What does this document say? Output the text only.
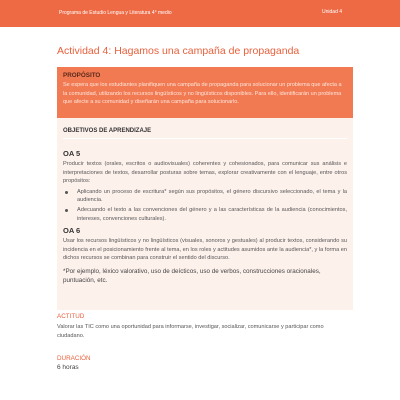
Programa de Estudio Lengua y Literatura 4° medio	Unidad 4
Actividad 4: Hagamos una campaña de propaganda
PROPÓSITO
Se espera que los estudiantes planifiquen una campaña de propaganda para solucionar un problema que afecta a la comunidad, utilizando los recursos lingüísticos y no lingüísticos disponibles. Para ello, identificarán un problema que afecte a su comunidad y diseñarán una campaña para solucionarlo.
OBJETIVOS DE APRENDIZAJE
OA 5
Producir textos (orales, escritos o audiovisuales) coherentes y cohesionados, para comunicar sus análisis e interpretaciones de textos, desarrollar posturas sobre temas, explorar creativamente con el lenguaje, entre otros propósitos:
Aplicando un proceso de escritura* según sus propósitos, el género discursivo seleccionado, el tema y la audiencia.
Adecuando el texto a las convenciones del género y a las características de la audiencia (conocimientos, intereses, convenciones culturales).
OA 6
Usar los recursos lingüísticos y no lingüísticos (visuales, sonoros y gestuales) al producir textos, considerando su incidencia en el posicionamiento frente al tema, en los roles y actitudes asumidos ante la audiencia*, y la forma en dichos recursos se combinan para construir el sentido del discurso.
*Por ejemplo, léxico valorativo, uso de deícticos, uso de verbos, construcciones oracionales, puntuación, etc.
ACTITUD
Valorar las TIC como una oportunidad para informarse, investigar, socializar, comunicarse y participar como ciudadano.
DURACIÓN
6 horas
